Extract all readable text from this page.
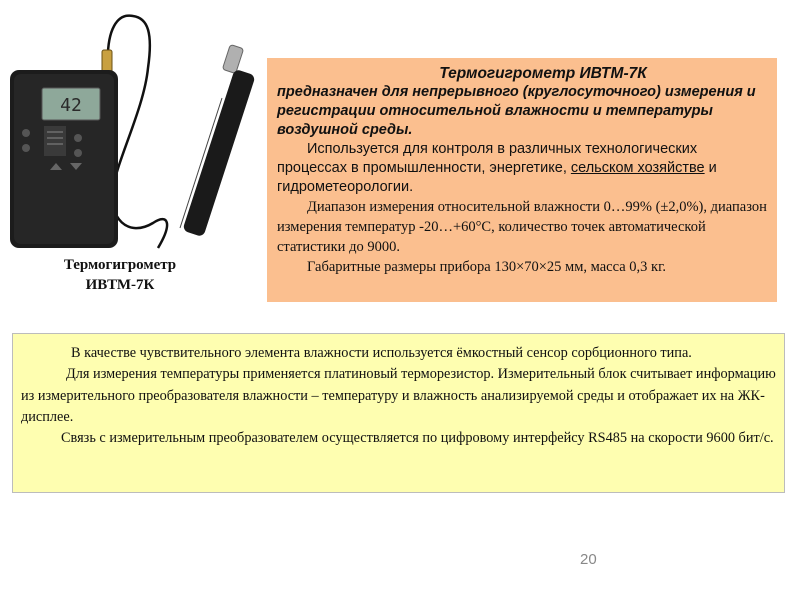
42
Термогигрометр
ИВТМ-7К
Термогигрометр ИВТМ-7К
предназначен для непрерывного (круглосуточного) измерения и регистрации относительной влажности и температуры воздушной среды.
Используется для контроля в различных технологических процессах в промышленности, энергетике, сельском хозяйстве и гидрометеорологии.
Диапазон измерения относительной влажности 0…99% (±2,0%), диапазон измерения температур -20…+60°C, количество точек автоматической статистики до 9000.
Габаритные размеры прибора 130×70×25 мм, масса 0,3 кг.

В качестве чувствительного элемента влажности используется ёмкостный сенсор сорбционного типа.

Для измерения температуры применяется платиновый терморезистор. Измерительный блок считывает информацию из измерительного преобразователя влажности – температуру и влажность анализируемой среды и отображает их на ЖК-дисплее.

Связь с измерительным преобразователем осуществляется по цифровому интерфейсу RS485 на скорости 9600 бит/с.

20
